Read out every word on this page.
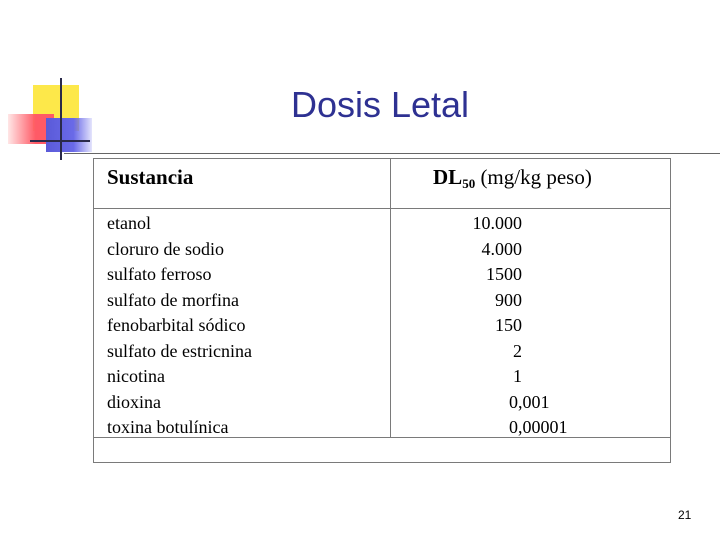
Dosis Letal
Sustancia	$DL_{50}$ (mg/kg peso)
etanol
cloruro de sodio
sulfato ferroso
sulfato de morfina
fenobarbital sódico
sulfato de estricnina
nicotina
dioxina
toxina botulínica
10.000
4.000
1500
900
150
2
1
0,001
0,00001
21
